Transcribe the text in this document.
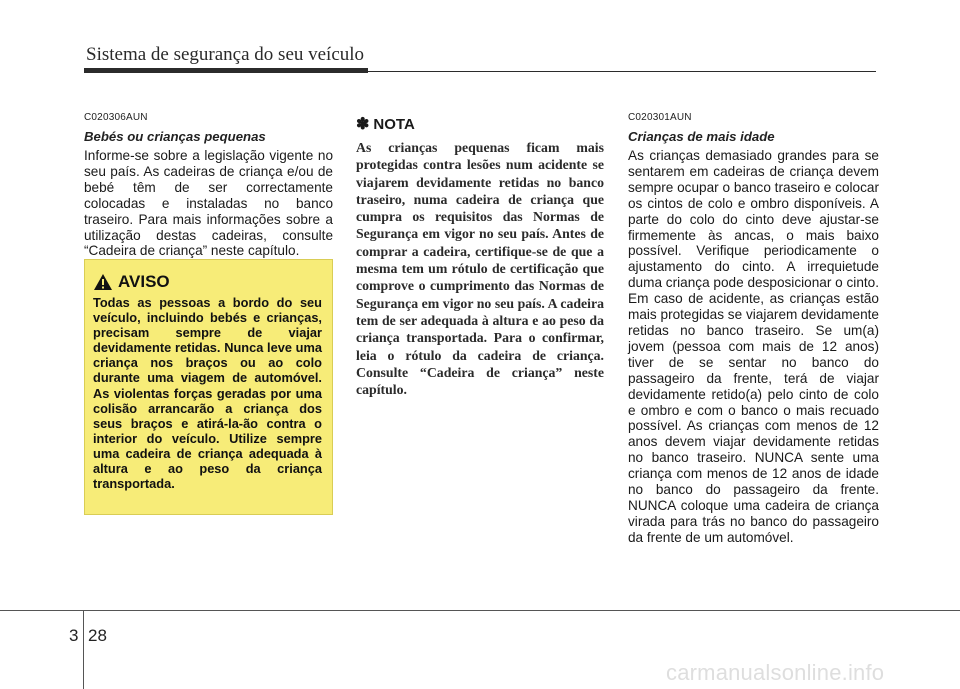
Sistema de segurança do seu veículo

C020306AUN

Bebés ou crianças pequenas

Informe-se sobre a legislação vigente no seu país. As cadeiras de criança e/ou de bebé têm de ser correctamente colocadas e instaladas no banco traseiro. Para mais informações sobre a utilização destas cadeiras, consulte “Cadeira de criança” neste capítulo.

AVISO

Todas as pessoas a bordo do seu veículo, incluindo bebés e crianças, precisam sempre de viajar devidamente retidas. Nunca leve uma criança nos braços ou ao colo durante uma viagem de automóvel. As violentas forças geradas por uma colisão arrancarão a criança dos seus braços e atirá-la-ão contra o interior do veículo. Utilize sempre uma cadeira de criança adequada à altura e ao peso da criança transportada.

✽ NOTA

As crianças pequenas ficam mais protegidas contra lesões num acidente se viajarem devidamente retidas no banco traseiro, numa cadeira de criança que cumpra os requisitos das Normas de Segurança em vigor no seu país. Antes de comprar a cadeira, certifique-se de que a mesma tem um rótulo de certificação que comprove o cumprimento das Normas de Segurança em vigor no seu país. A cadeira tem de ser adequada à altura e ao peso da criança transportada. Para o confirmar, leia o rótulo da cadeira de criança. Consulte “Cadeira de criança” neste capítulo.

C020301AUN

Crianças de mais idade

As crianças demasiado grandes para se sentarem em cadeiras de criança devem sempre ocupar o banco traseiro e colocar os cintos de colo e ombro disponíveis. A parte do colo do cinto deve ajustar-se firmemente às ancas, o mais baixo possível. Verifique periodicamente o ajustamento do cinto. A irrequietude duma criança pode desposicionar o cinto. Em caso de acidente, as crianças estão mais protegidas se viajarem devidamente retidas no banco traseiro. Se um(a) jovem (pessoa com mais de 12 anos) tiver de se sentar no banco do passageiro da frente, terá de viajar devidamente retido(a) pelo cinto de colo e ombro e com o banco o mais recuado possível. As crianças com menos de 12 anos devem viajar devidamente retidas no banco traseiro. NUNCA sente uma criança com menos de 12 anos de idade no banco do passageiro da frente. NUNCA coloque uma cadeira de criança virada para trás no banco do passageiro da frente de um automóvel.

3 28
carmanualsonline.info
